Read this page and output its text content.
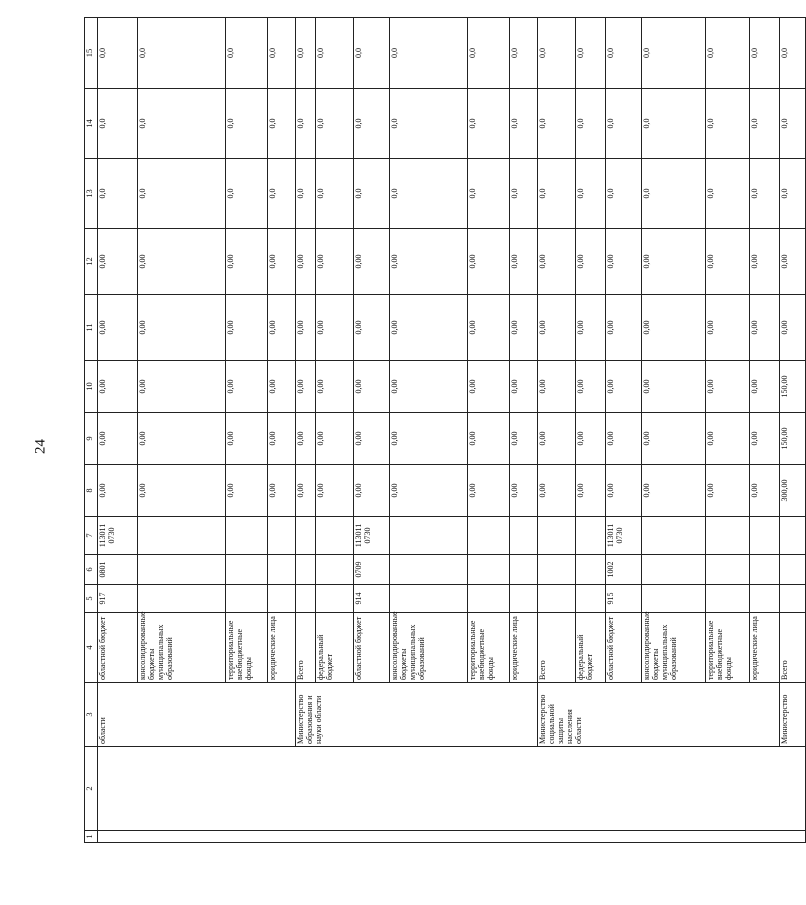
24
1	2	3	4	5	6	7	8	9	10	11	12	13	14	15
		области	областной бюджет	917	0801	113011 0730	0,00	0,00	0,00	0,00	0,00	0,0	0,0	0,0
			консолидированные бюджеты муниципальных образований				0,00	0,00	0,00	0,00	0,00	0,0	0,0	0,0
			территориальные внебюджетные фонды				0,00	0,00	0,00	0,00	0,00	0,0	0,0	0,0
			юридические лица				0,00	0,00	0,00	0,00	0,00	0,0	0,0	0,0
		Министерство образования и науки области	Всего				0,00	0,00	0,00	0,00	0,00	0,0	0,0	0,0
			федеральный бюджет				0,00	0,00	0,00	0,00	0,00	0,0	0,0	0,0
			областной бюджет	914	0709	113011 0730	0,00	0,00	0,00	0,00	0,00	0,0	0,0	0,0
			консолидированные бюджеты муниципальных образований				0,00	0,00	0,00	0,00	0,00	0,0	0,0	0,0
			территориальные внебюджетные фонды				0,00	0,00	0,00	0,00	0,00	0,0	0,0	0,0
			юридические лица				0,00	0,00	0,00	0,00	0,00	0,0	0,0	0,0
		Министерство социальной защиты населения области	Всего				0,00	0,00	0,00	0,00	0,00	0,0	0,0	0,0
			федеральный бюджет				0,00	0,00	0,00	0,00	0,00	0,0	0,0	0,0
			областной бюджет	915	1002	113011 0730	0,00	0,00	0,00	0,00	0,00	0,0	0,0	0,0
			консолидированные бюджеты муниципальных образований				0,00	0,00	0,00	0,00	0,00	0,0	0,0	0,0
			территориальные внебюджетные фонды				0,00	0,00	0,00	0,00	0,00	0,0	0,0	0,0
			юридические лица				0,00	0,00	0,00	0,00	0,00	0,0	0,0	0,0
		Министерство	Всего				300,00	150,00	150,00	0,00	0,00	0,0	0,0	0,0
